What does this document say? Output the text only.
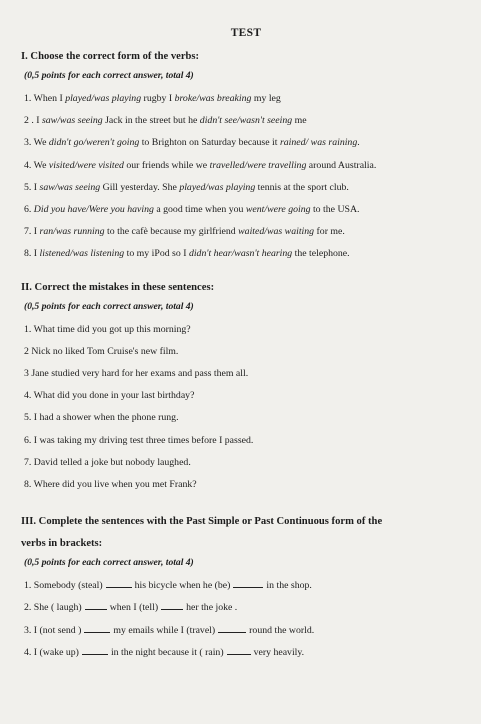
TEST
I. Choose the correct form of the verbs:
(0,5 points for each correct answer, total 4)
1. When I played/was playing rugby I broke/was breaking my leg
2 . I saw/was seeing Jack in the street but he didn't see/wasn't seeing me
3. We didn't go/weren't going to Brighton on Saturday because it rained/ was raining.
4. We visited/were visited our friends while we travelled/were travelling around Australia.
5. I saw/was seeing Gill yesterday. She played/was playing tennis at the sport club.
6. Did you have/Were you having a good time when you went/were going to the USA.
7. I ran/was running to the cafè because my girlfriend waited/was waiting for me.
8. I listened/was listening to my iPod so I didn't hear/wasn't hearing the telephone.
II. Correct the mistakes in these sentences:
(0,5 points for each correct answer, total 4)
1. What time did you got up this morning?
2 Nick no liked Tom Cruise's new film.
3 Jane studied very hard for her exams and pass them all.
4. What did you done in your last birthday?
5. I had a shower when the phone rung.
6. I was taking my driving test three times before I passed.
7. David telled a joke but nobody laughed.
8. Where did you live when you met Frank?
III. Complete the sentences with the Past Simple or Past Continuous form of the
verbs in brackets:
(0,5 points for each correct answer, total 4)
1. Somebody (steal)	his bicycle when he (be)	in the shop.
2. She ( laugh)	when I (tell)	her the joke .
3. I (not send )	my emails while I (travel)	round the world.
4. I (wake up)	in the night because it ( rain)	very heavily.
